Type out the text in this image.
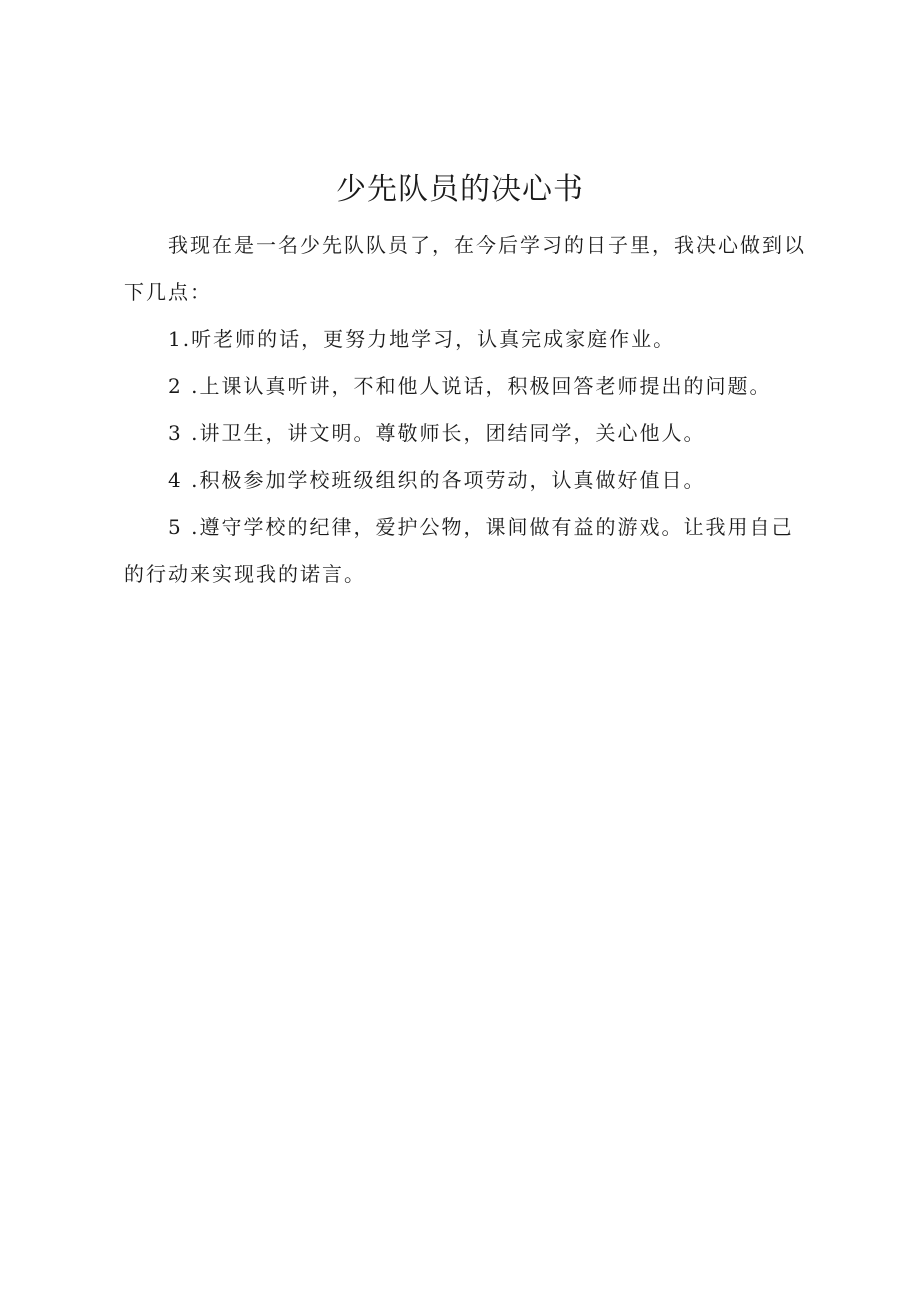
少先队员的决心书

我现在是一名少先队队员了，在今后学习的日子里，我决心做到以下几点：

1.听老师的话，更努力地学习，认真完成家庭作业。

2 .上课认真听讲，不和他人说话，积极回答老师提出的问题。

3 .讲卫生，讲文明。尊敬师长，团结同学，关心他人。

4 .积极参加学校班级组织的各项劳动，认真做好值日。

5 .遵守学校的纪律，爱护公物，课间做有益的游戏。让我用自己的行动来实现我的诺言。
